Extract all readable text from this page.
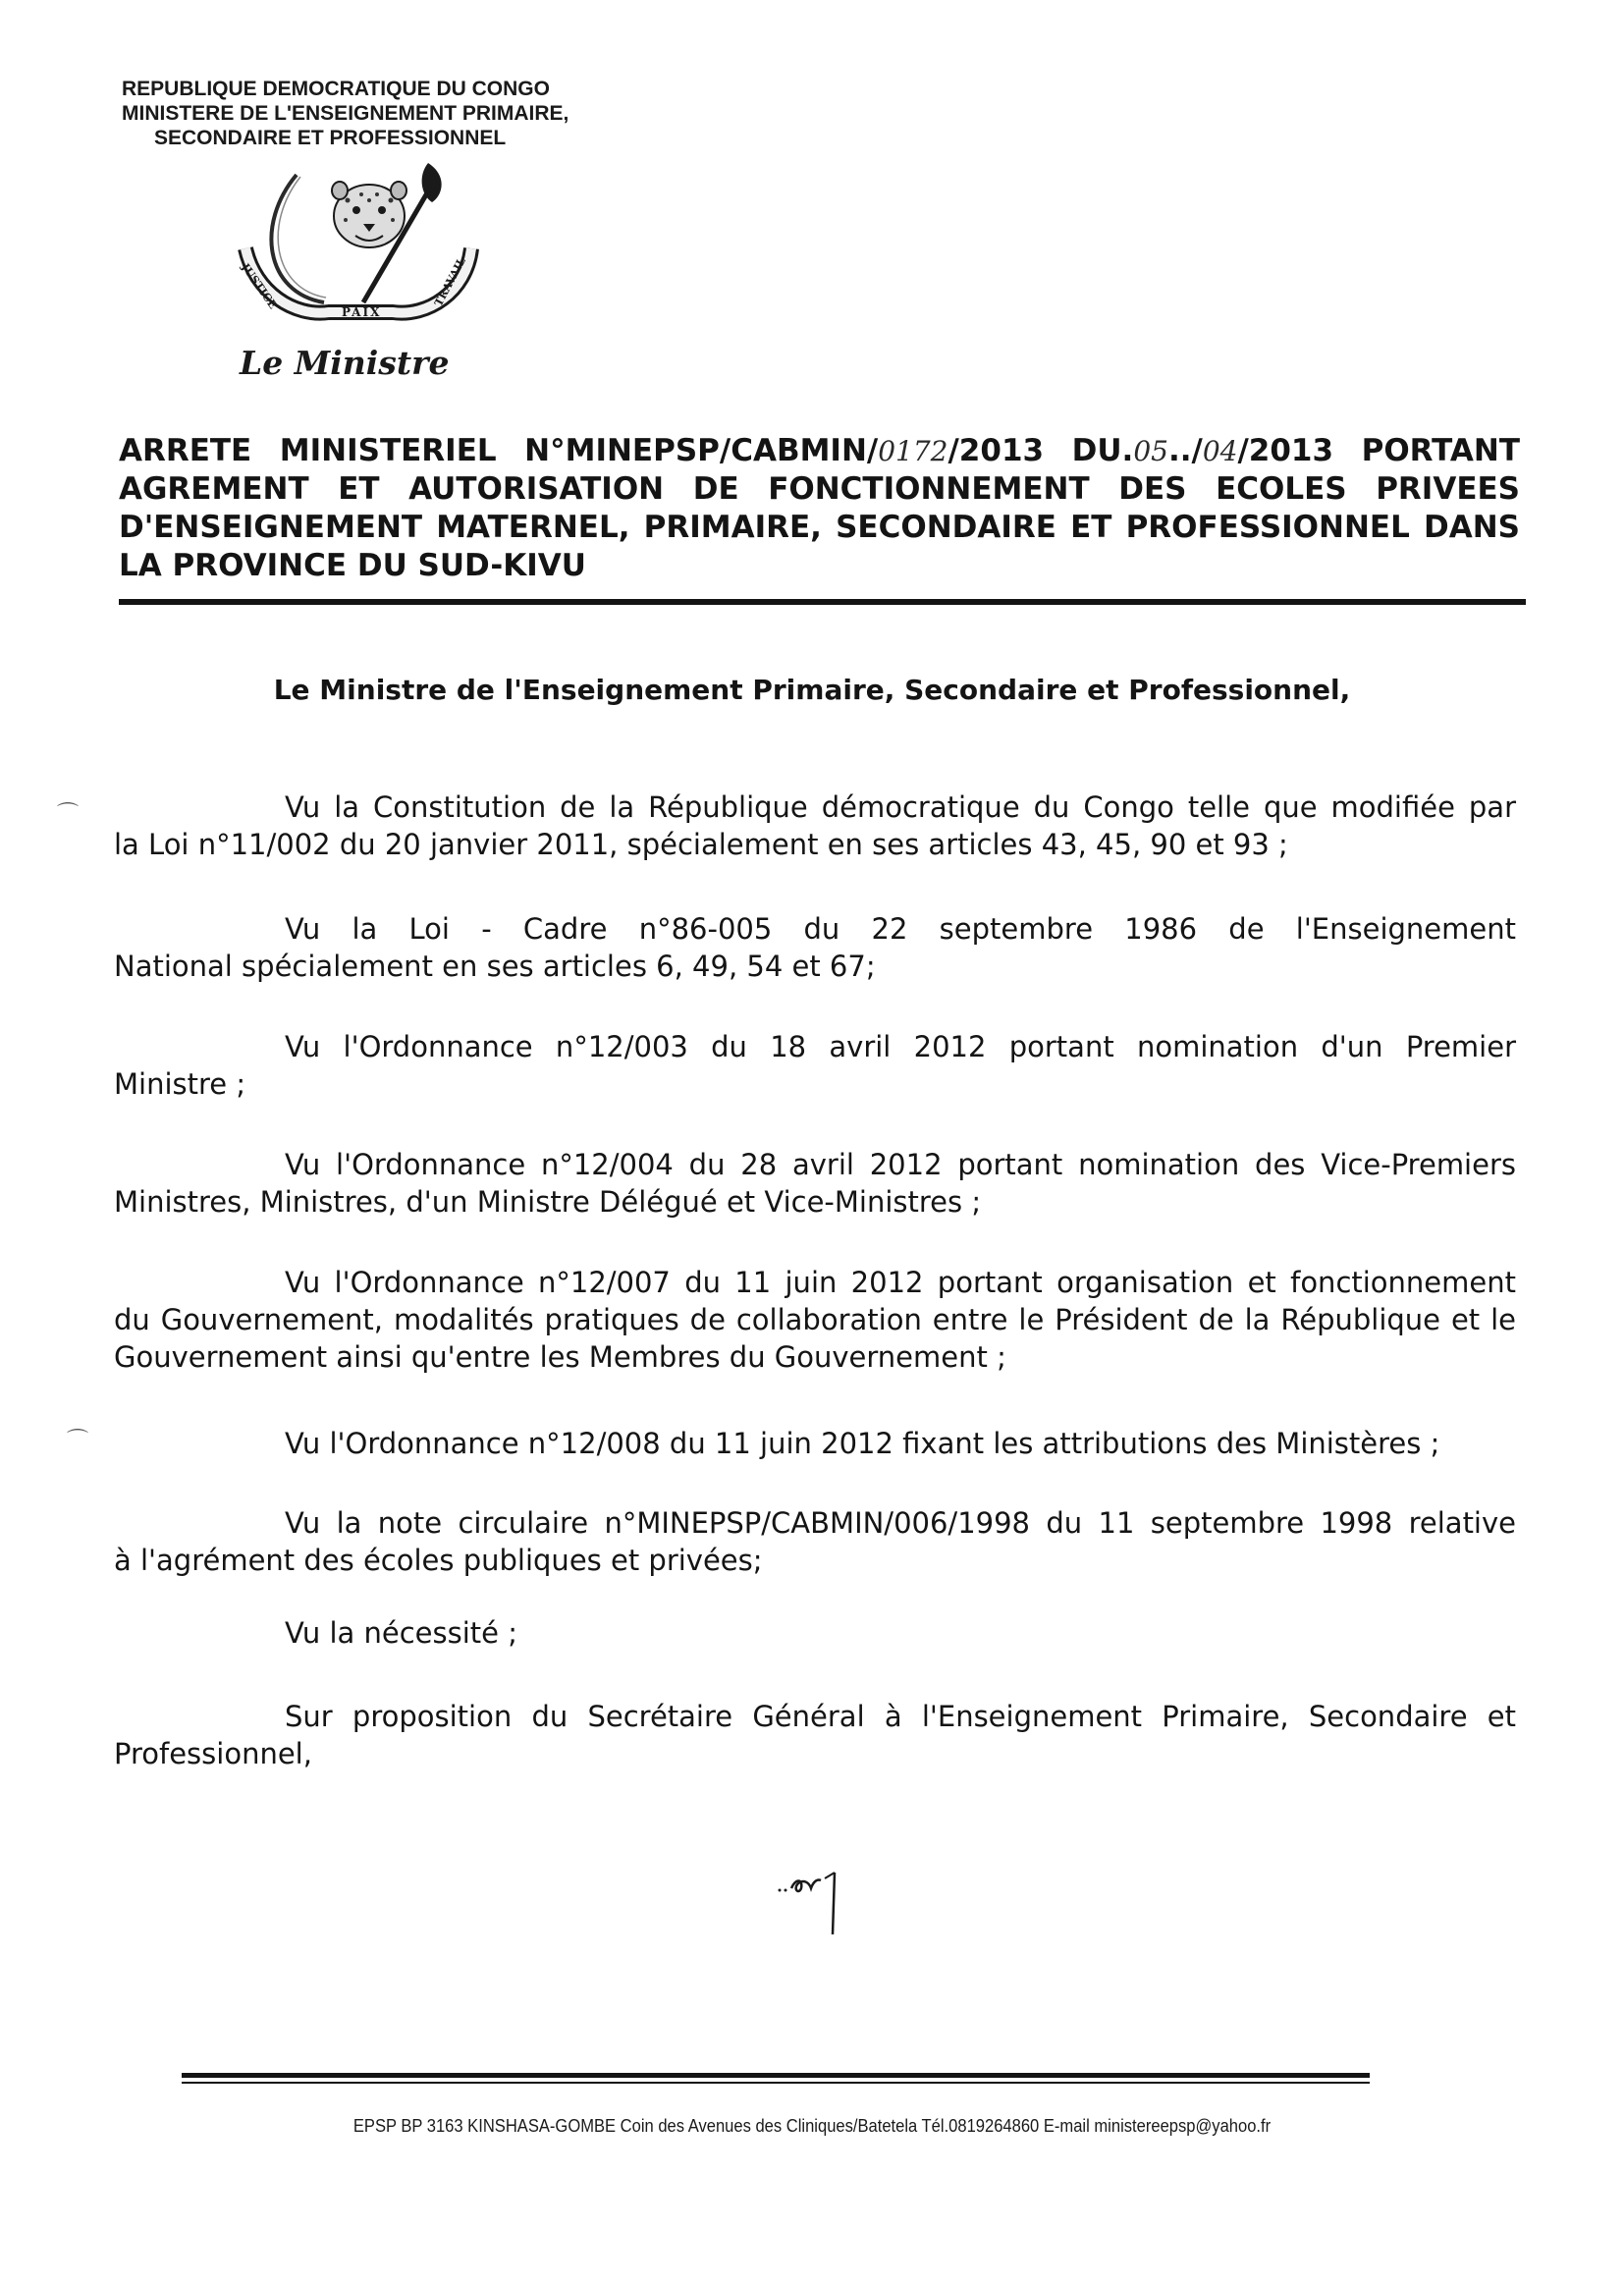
REPUBLIQUE DEMOCRATIQUE DU CONGO
MINISTERE DE L'ENSEIGNEMENT PRIMAIRE,
SECONDAIRE ET PROFESSIONNEL
JUSTICE
PAIX
TRAVAIL
Le Ministre
ARRETE MINISTERIEL N°MINEPSP/CABMIN/0172/2013 DU.05../04/2013 PORTANT
AGREMENT ET AUTORISATION DE FONCTIONNEMENT DES ECOLES PRIVEES
D'ENSEIGNEMENT MATERNEL, PRIMAIRE, SECONDAIRE ET PROFESSIONNEL DANS
LA PROVINCE DU SUD-KIVU
Le Ministre de l'Enseignement Primaire, Secondaire et Professionnel,
⌒	Vu la Constitution de la République démocratique du Congo telle que modifiée par
la Loi n°11/002 du 20 janvier 2011, spécialement en ses articles 43, 45, 90 et 93 ;
Vu la Loi - Cadre n°86-005 du 22 septembre 1986 de l'Enseignement
National spécialement en ses articles 6, 49, 54 et 67;
Vu l'Ordonnance n°12/003 du 18 avril 2012 portant nomination d'un Premier
Ministre ;
Vu l'Ordonnance n°12/004 du 28 avril 2012 portant nomination des Vice-Premiers
Ministres, Ministres, d'un Ministre Délégué et Vice-Ministres ;
Vu l'Ordonnance n°12/007 du 11 juin 2012 portant organisation et fonctionnement
du Gouvernement, modalités pratiques de collaboration entre le Président de la République et le
Gouvernement ainsi qu'entre les Membres du Gouvernement ;
⌒	Vu l'Ordonnance n°12/008 du 11 juin 2012 fixant les attributions des Ministères ;
Vu la note circulaire n°MINEPSP/CABMIN/006/1998 du 11 septembre 1998 relative
à l'agrément des écoles publiques et privées;
Vu la nécessité ;
Sur proposition du Secrétaire Général à l'Enseignement Primaire, Secondaire et
Professionnel,
EPSP BP 3163 KINSHASA-GOMBE Coin des Avenues des Cliniques/Batetela Tél.0819264860 E-mail ministereepsp@yahoo.fr
